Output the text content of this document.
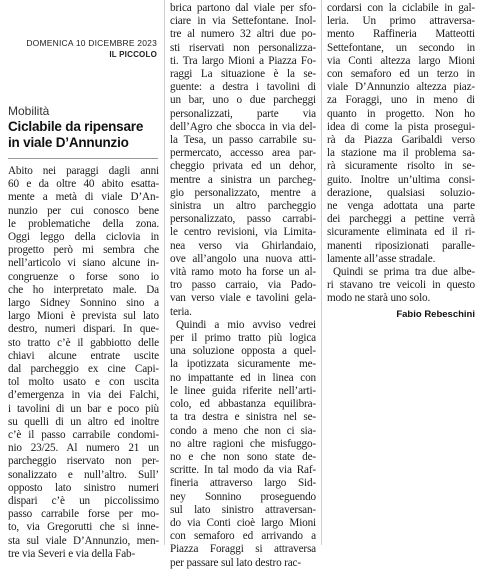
DOMENICA 10 DICEMBRE 2023
IL PICCOLO
Mobilità
Ciclabile da ripensare
in viale D’Annunzio
Abito nei paraggi dagli anni
60 e da oltre 40 abito esatta-
mente a metà di viale D’An-
nunzio per cui conosco bene
le problematiche della zona.
Oggi leggo della ciclovia in
progetto però mi sembra che
nell’articolo vi siano alcune in-
congruenze o forse sono io
che ho interpretato male. Da
largo Sidney Sonnino sino a
largo Mioni è prevista sul lato
destro, numeri dispari. In que-
sto tratto c’è il gabbiotto delle
chiavi alcune entrate uscite
dal parcheggio ex cine Capi-
tol molto usato e con uscita
d’emergenza in via dei Falchi,
i tavolini di un bar e poco più
su quelli di un altro ed inoltre
c’è il passo carrabile condomi-
nio 23/25. Al numero 21 un
parcheggio riservato non per-
sonalizzato e null’altro. Sull’
opposto lato sinistro numeri
dispari c’è un piccolissimo
passo carrabile forse per mo-
to, via Gregorutti che si inne-
sta sul viale D’Annunzio, men-
tre via Severi e via della Fab-
brica partono dal viale per sfo-
ciare in via Settefontane. Inol-
tre al numero 32 altri due po-
sti riservati non personalizza-
ti. Tra largo Mioni a Piazza Fo-
raggi La situazione è la se-
guente: a destra i tavolini di
un bar, uno o due parcheggi
personalizzati, parte via
dell’Agro che sbocca in via del-
la Tesa, un passo carrabile su-
permercato, accesso area par-
cheggio privata ed un dehor,
mentre a sinistra un parcheg-
gio personalizzato, mentre a
sinistra un altro parcheggio
personalizzato, passo carrabi-
le centro revisioni, via Limita-
nea verso via Ghirlandaio,
ove all’angolo una nuova atti-
vità ramo moto ha forse un al-
tro passo carraio, via Pado-
van verso viale e tavolini gela-
teria.
Quindi a mio avviso vedrei
per il primo tratto più logica
una soluzione opposta a quel-
la ipotizzata sicuramente me-
no impattante ed in linea con
le linee guida riferite nell’arti-
colo, ed abbastanza equilibra-
ta tra destra e sinistra nel se-
condo a meno che non ci sia-
no altre ragioni che misfuggo-
no e che non sono state de-
scritte. In tal modo da via Raf-
fineria attraverso largo Sid-
ney Sonnino proseguendo
sul lato sinistro attraversan-
do via Conti cioè largo Mioni
con semaforo ed arrivando a
Piazza Foraggi si attraversa
per passare sul lato destro rac-
cordarsi con la ciclabile in gal-
leria. Un primo attraversa-
mento Raffineria Matteotti
Settefontane, un secondo in
via Conti altezza largo Mioni
con semaforo ed un terzo in
viale D’Annunzio altezza piaz-
za Foraggi, uno in meno di
quanto in progetto. Non ho
idea di come la pista prosegui-
rà da Piazza Garibaldi verso
la stazione ma il problema sa-
rà sicuramente risolto in se-
guito. Inoltre un’ultima consi-
derazione, qualsiasi soluzio-
ne venga adottata una parte
dei parcheggi a pettine verrà
sicuramente eliminata ed il ri-
manenti riposizionati paralle-
lamente all’asse stradale.
Quindi se prima tra due albe-
ri stavano tre veicoli in questo
modo ne starà uno solo.
Fabio Rebeschini
